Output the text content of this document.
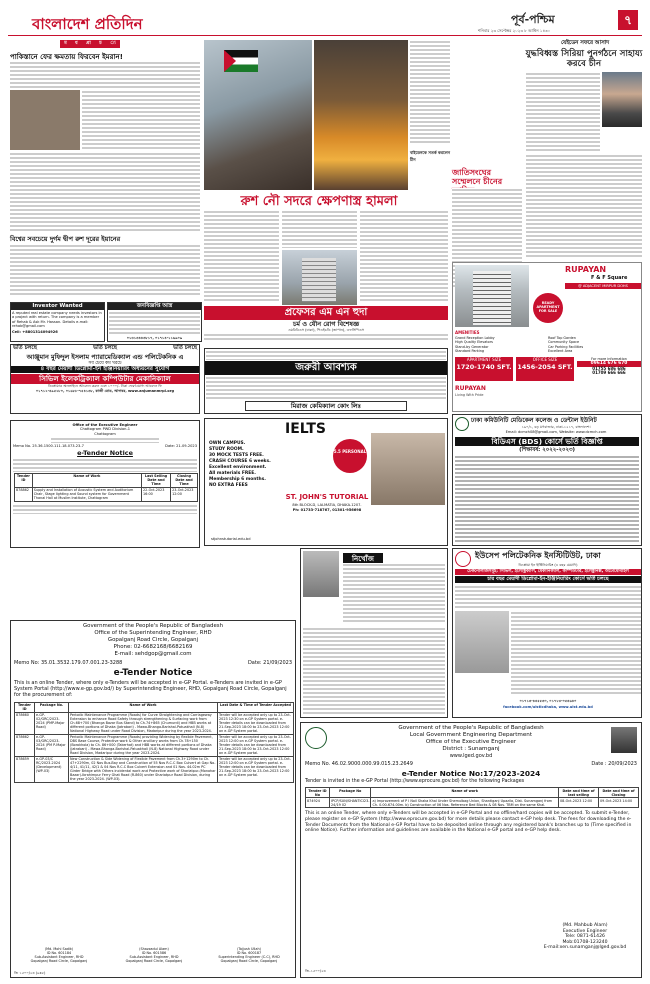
বাংলাদেশ প্রতিদিন	পূর্ব-পশ্চিম	৭
শনিবার ২৩ সেপ্টেম্বর ২০২৩ ৮ আশ্বিন ১৪৩০
ম ধ প্রা চ ্য
পাকিস্তানে ফের ক্ষমতায় ফিরবেন ইমরান!
বিশ্বের সবচেয়ে দুর্গম দ্বীপ রুশ দূরের ইয়ানের
রুশ নৌ সদরে ক্ষেপণাস্ত্র হামলা
বাইডেনকে সতর্ক করলেন চীন
জাতিসংঘের সম্মেলনে চীনের
যেইডেন সফরে আসাদ
যুদ্ধবিধ্বস্ত সিরিয়া পুনর্গঠনে সাহায্য করবে চীন
RUPAYAN
F & F Square
@ ADJACENT MIRPUR DOHS
READY APARTMENT FOR SALE
AMENITIES
Grand Reception Lobby	Roof Top Garden
High Quality Elevators	Community Space
Stand-by Generator	Car Parking Facilities
Standard Parking	Excellent Area
APARTMENT SIZE
1720-1740 SFT.
OFFICE SIZE
1456-2054 SFT.
For more information
09614 676 670
01755 686 686
01709 666 666
RUPAYAN
Living With Pride
Investor Wanted
A reputed real estate company needs investors in a project with return. The company is a member of Rehab & Ask Mr. Hassan. Details e-mail: rehab@gmail.com
Cell: +8801314094926
জনবিজ্ঞপ্তি আস্ত্র
০১৩১৩৪৪৩৮১৭, ০১৭১৪-১১৬৯০৯
ভর্তি চলছে	ভর্তি চলছে	ভর্তি চলছে
আঞ্জুমান মুফিদুল ইসলাম প্যারামেডিক্যাল এন্ড পলিটেকনিক এ
সব চেয়ে কম খরচে
৪ বছর মেয়াদী ডিপ্লোমা-ইন ইঞ্জিনিয়ারিং অধ্যয়নের সুযোগ
সিভিল ইলেকট্রিক্যাল কম্পিউটার মেকানিক্যাল
ডিপ্লোমাও অনলাইনে আবেদন করুন এবং ১০০০/- টাকা ফেরৎযোগ্য আবেদন ফি
০১৭১২-৪৯৫২৮০, ০১৬৮৮-৭৫৪১৩৮, কাজী রোড, আদাবর, www.anjumanmrpi.org
প্রফেসর এম এন হুদা
চর্ম ও যৌন রোগ বিশেষজ্ঞ
এমবিবিএস (ঢাকা), পিএইচডি (জাপান), এফসিপিএস
জরুরী আবশ্যক
মিরাজ কেমিক্যাল কোং লিঃ
ঢাকা কমিউনিটি মেডিকেল কলেজ ও ডেন্টাল ইউনিট
১৯০/১, বড় মগবাজার, ঢাকা-১২১৭, বাংলাদেশ।
Email: dcmch08@gmail.com, Website: www.dcmch.com
বিডিএস (BDS) কোর্সে ভর্তি বিজ্ঞপ্তি
(শিক্ষাবর্ষ: ২০২২-২০২৩)
Office of the Executive Engineer
Chattogram PWD Division-1
Chattogram
Memo No. 25.36.1500.111.18.073.23-7	Date: 21-09-2023
e-Tender Notice
Tender ID	Name of Work	Last Selling Date and Time	Closing Date and Time
878862	Supply and Installation of Acoustic System and Auditorium Chair, Stage lighting and Sound system for Government Thanai Hall at Muslim Institute, Chattogram	22-Oct-2023 16:00	23-Oct-2023 12:00
IELTS
OWN CAMPUS.
STUDY ROOM.
30 MOCK TESTS FREE.
CRASH COURSE 6 weeks.
Excellent environment.
All materials FREE.
Membership 6 months.
NO EXTRA FEES
5.5 PERSONAL
ST. JOHN'S TUTORIAL
8th BLOCK-D, LALMATIA, DHAKA-1207.
Ph: 01733-718767, 01301-956698
stjohnstutorial.edu.bd
ইউসেপ পলিটেকনিক ইনস্টিটিউট, ঢাকা
ডিপ্লোমা ইন ইঞ্জিনিয়ারিং (৪ বছর মেয়াদি)
টেকনোলজিসমূহ: সিভিল, ইলেক্ট্রিক্যাল, মেকানিক্যাল, কম্পিউটার, ইলেক্ট্রনিক্স, অটোমোবাইল
চার বছর মেয়াদী ডিপ্লোমা-ইন-ইঞ্জিনিয়ারিং কোর্সে ভর্তি চলছে
০১৭১৩-৪৪৫৫৩০, ০১৭১৩-০৫৪৬৪০
facebook.com/uisticdhaka, www.uist.edu.bd
নিখোঁজ
Government of the People's Republic of Bangladesh
Office of the Superintending Engineer, RHD
Gopalganj Road Circle, Gopalganj
Phone: 02-6682168/6682169
E-mail: sehdgop@gmail.com
Memo No: 35.01.3532.179.07.001.23-3288	Date: 21/09/2023
e-Tender Notice
This is an online Tender, where only e-Tenders will be accepted in e-GP Portal. e-Tenders are invited in e-GP System Portal (http://www.e-gp.gov.bd/) by Superintending Engineer, RHD, Gopalganj Road Circle, Gopalganj for the procurement of:
Tender ID	Package No.	Name of Work	Last Date & Time of Tender Accepted
878660	e-GP-02/GRC/2023-2024 (PMP-Major Road)	Periodic Maintenance Programme (Roads) for Curve Straightening and Carriageway Extension to enhance Road Safety through strengthening & Surfacing work from Ch.68+700 (Bhanga Bazar Bus Stand) to Ch.74+865 (Chumurdi) and HBB works at different portions of Dhaka (Jatrabari) - Mawa-Bhanga-Barishal-Patuakhali (N-8) National Highway Road under Road Division, Madaripur during the year 2023-2024.	Tender will be accepted only up to 23-Oct-2023 12:30 on e-GP System portal. e-Tender details can be downloaded from 21-Sep-2023 18:00 to 23-Oct-2023 12:00 on e-GP System portal.
878662	e-GP-03/GRC/2023-2024 (PM P-Major Road)	Periodic Maintenance Programme (Roads) providing Widening by flexible Pavement, DBS Base Course, Protective work & Other ancillary works from Ch.78+150 (Borokhola) to Ch. 86+000 (Takerhat) and HBB works at different portions of Dhaka (Jatrabari) - Mawa-Bhanga-Barishal-Patuakhali (N-8) National Highway Road under Road Division, Madaripur during the year 2023-2024.	Tender will be accepted only up to 23-Oct-2023 12:00 on e-GP System portal. e-Tender details can be downloaded from 21-Sep-2023 18:00 to 23-Oct-2023 12:00 on e-GP System portal.
878659	e-GP-03/C RC/2023-2024 (Development) (WP-03)	New Construction & Side Widening of Flexible Pavement from Ch.3+1290m to Ch. 47+2290m, 02 Nos Bus-Bay and Construction of 55 Nos R.C.C Box Culvert at Gap No-4/11, 41/11, 42/1 & 04 Nos R.C.C Box Culvert Extension and 01 Nos. 44.02m PC Girder Bridge with Others incidental work and Protective work of Shariatpur-(Monohar Bazar)-Ibrahimpur Ferry Ghat Road (R-860) under Shariatpur Road Division, during the year 2023-2024. (WP-03).	Tender will be accepted only up to 23-Oct-2023 12:00 on e-GP System portal. e-Tender details can be downloaded from 21-Sep-2023 18:00 to 23-Oct-2023 12:00 on e-GP System portal.
(Md. Mohi Sadik)
ID No. 601184
Sub-Assistant Engineer, RHD
Gopalganj Road Circle, Gopalganj
(Shazzadul Alam)
ID No. 601586
Sub-Assistant Engineer, RHD
Gopalganj Road Circle, Gopalganj
(Tajjush Ullah)
ID No. 600187
Superintending Engineer (C.C), RHD
Gopalganj Road Circle, Gopalganj
জি ১৫০০/২৩ (৯x৫)
Government of the People's Republic of Bangladesh
Local Government Engineering Department
Office of the Executive Engineer
District : Sunamganj
www.lged.gov.bd
Memo No. 46.02.9000.000.99.015.23.2649	Date : 20/09/2023
e-Tender Notice No:17/2023-2024
Tender is invited in the e-GP Portal (http://www.eprocure.gov.bd) for the following Packages
Tender ID No	Package No	Name of work	Date and time of last selling	Date and time of Closing
874924	IPCP/SUN/SHANTICI23-24/19 02	a) Improvement of P I Noil Shaka Khal Under Shemulbag Union, Shantiganj Upazila, Dist. Sunamganj from Ch. 0.00-674.00m. b) Construction of 06 Nos. Reference Bed Blocks & 08 Nos. TBM on the same Khal.	08-Oct-2023 12:00	09-Oct-2023 14:00
This is an online Tender, where only e-Tenders will be accepted in e-GP Portal and no offline/hard copies will be accepted. To submit e-Tender, please register on e-GP System (http://www.eprocure.gov.bd) for more details please contact e-GP help desk. The fees for downloading the e-Tender Documents from the National e-GP Portal have to be deposited online through any registered bank's branches up to (Time specified in online Notice). Further information and guidelines are available in the National e-GP portal and e-GP help desk.
(Md. Mahbub Alam)
Executive Engineer
Tele: 0871-61426
Mob:01708-123240
E-mail:xen.sunamganj@lged.gov.bd
জি-১৫০০/২৩
